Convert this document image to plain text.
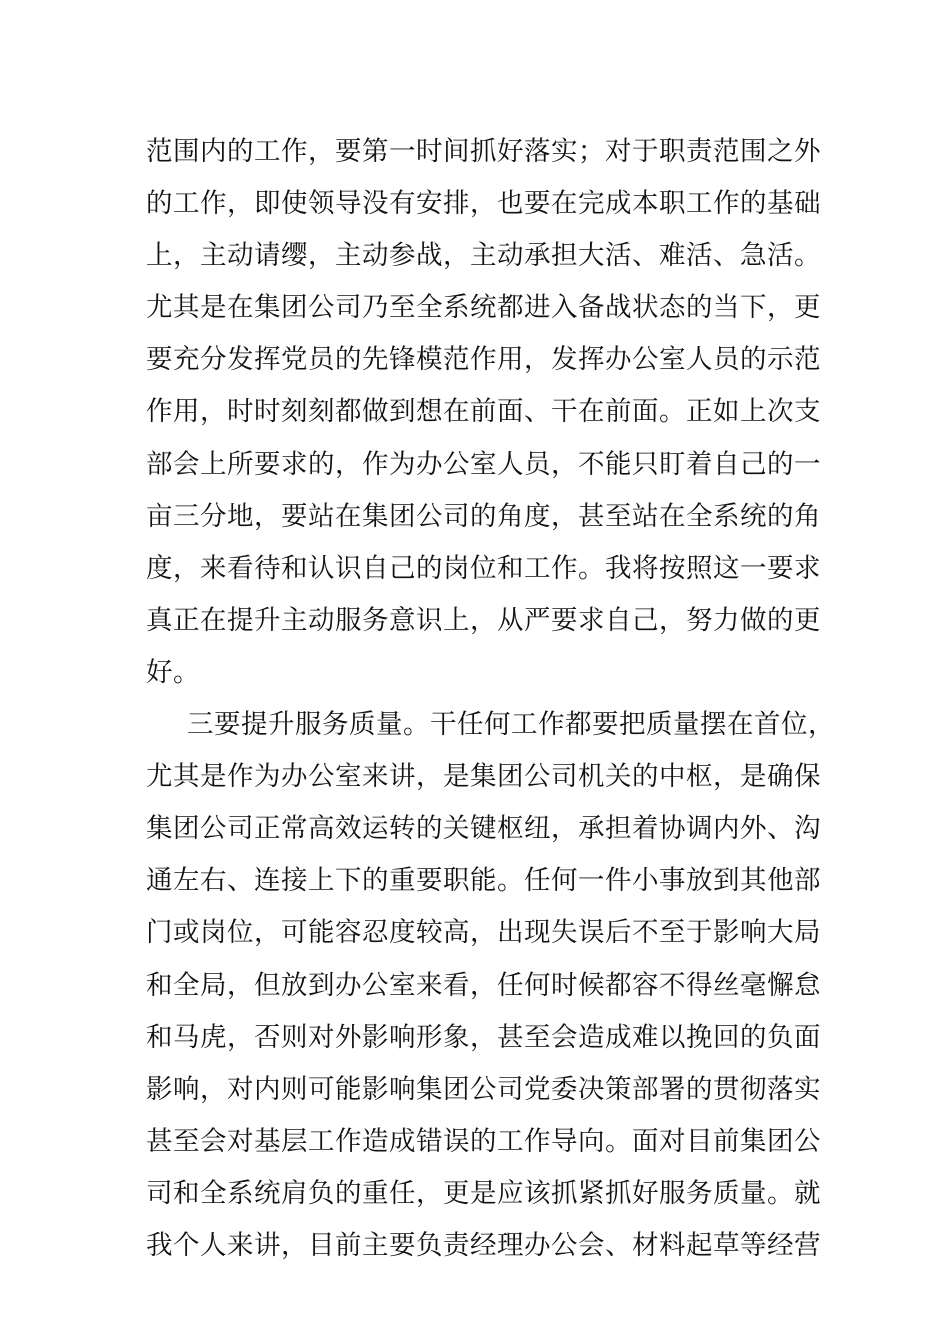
范围内的工作，要第一时间抓好落实；对于职责范围之外

的工作，即使领导没有安排，也要在完成本职工作的基础

上，主动请缨，主动参战，主动承担大活、难活、急活。

尤其是在集团公司乃至全系统都进入备战状态的当下，更

要充分发挥党员的先锋模范作用，发挥办公室人员的示范

作用，时时刻刻都做到想在前面、干在前面。正如上次支

部会上所要求的，作为办公室人员，不能只盯着自己的一

亩三分地，要站在集团公司的角度，甚至站在全系统的角

度，来看待和认识自己的岗位和工作。我将按照这一要求

真正在提升主动服务意识上，从严要求自己，努力做的更

好。

三要提升服务质量。干任何工作都要把质量摆在首位，

尤其是作为办公室来讲，是集团公司机关的中枢，是确保

集团公司正常高效运转的关键枢纽，承担着协调内外、沟

通左右、连接上下的重要职能。任何一件小事放到其他部

门或岗位，可能容忍度较高，出现失误后不至于影响大局

和全局，但放到办公室来看，任何时候都容不得丝毫懈怠

和马虎，否则对外影响形象，甚至会造成难以挽回的负面

影响，对内则可能影响集团公司党委决策部署的贯彻落实

甚至会对基层工作造成错误的工作导向。面对目前集团公

司和全系统肩负的重任，更是应该抓紧抓好服务质量。就

我个人来讲，目前主要负责经理办公会、材料起草等经营
